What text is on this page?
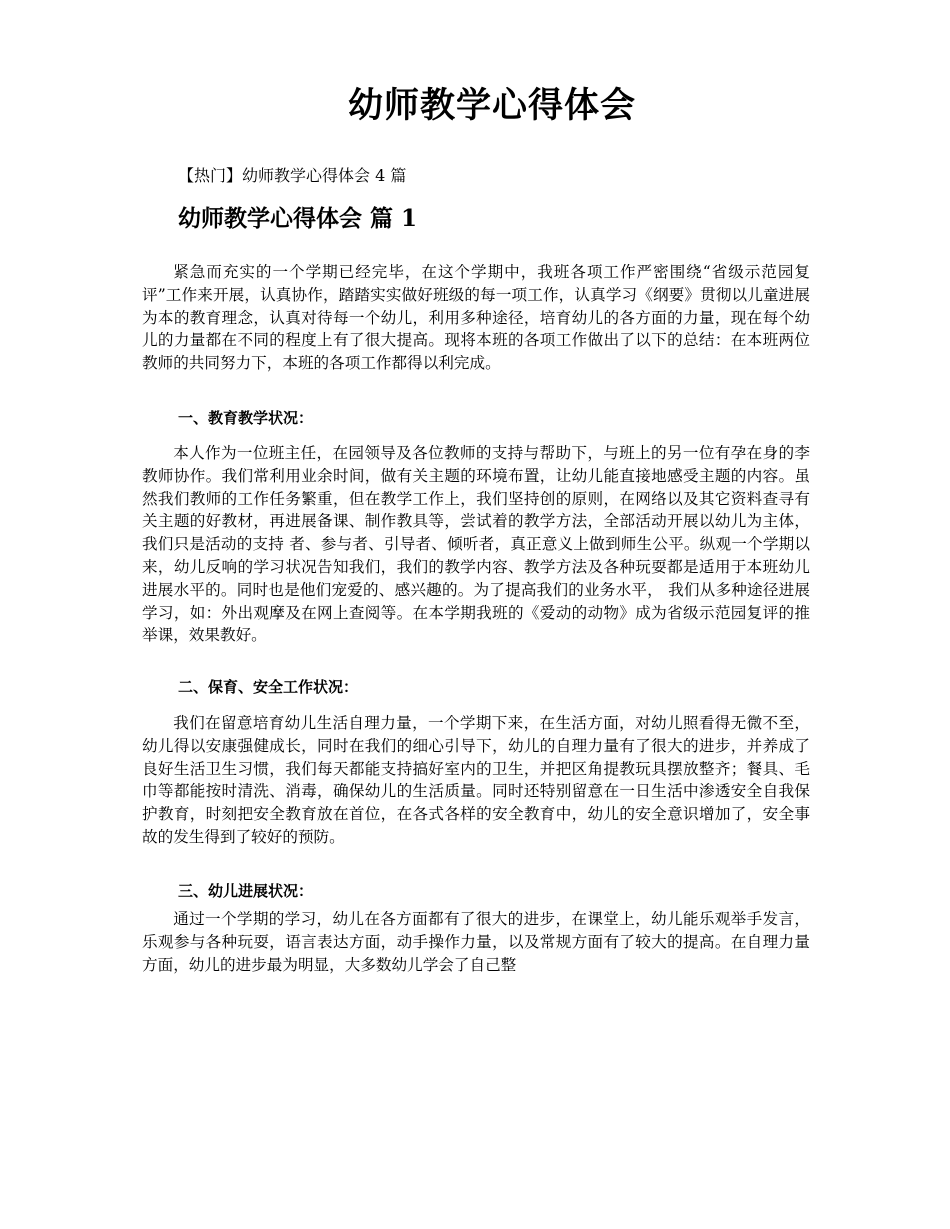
幼师教学心得体会

【热门】幼师教学心得体会 4 篇

幼师教学心得体会 篇 1

紧急而充实的一个学期已经完毕，在这个学期中，我班各项工作严密围绕“省级示范园复评”工作来开展，认真协作，踏踏实实做好班级的每一项工作，认真学习《纲要》贯彻以儿童进展为本的教育理念，认真对待每一个幼儿，利用多种途径，培育幼儿的各方面的力量，现在每个幼儿的力量都在不同的程度上有了很大提高。现将本班的各项工作做出了以下的总结：在本班两位教师的共同努力下，本班的各项工作都得以利完成。

一、教育教学状况：

本人作为一位班主任，在园领导及各位教师的支持与帮助下，与班上的另一位有孕在身的李教师协作。我们常利用业余时间，做有关主题的环境布置，让幼儿能直接地感受主题的内容。虽然我们教师的工作任务繁重，但在教学工作上，我们坚持创的原则，在网络以及其它资料查寻有关主题的好教材，再进展备课、制作教具等，尝试着的教学方法，全部活动开展以幼儿为主体，我们只是活动的支持 者、参与者、引导者、倾听者，真正意义上做到师生公平。纵观一个学期以来，幼儿反响的学习状况告知我们，我们的教学内容、教学方法及各种玩耍都是适用于本班幼儿进展水平的。同时也是他们宠爱的、感兴趣的。为了提高我们的业务水平， 我们从多种途径进展学习，如：外出观摩及在网上查阅等。在本学期我班的《爱动的动物》成为省级示范园复评的推举课，效果教好。

二、保育、安全工作状况：

我们在留意培育幼儿生活自理力量，一个学期下来，在生活方面，对幼儿照看得无微不至，幼儿得以安康强健成长，同时在我们的细心引导下，幼儿的自理力量有了很大的进步，并养成了良好生活卫生习惯，我们每天都能支持搞好室内的卫生，并把区角提教玩具摆放整齐；餐具、毛巾等都能按时清洗、消毒，确保幼儿的生活质量。同时还特别留意在一日生活中渗透安全自我保护教育，时刻把安全教育放在首位，在各式各样的安全教育中，幼儿的安全意识增加了，安全事故的发生得到了较好的预防。

三、幼儿进展状况：

通过一个学期的学习，幼儿在各方面都有了很大的进步，在课堂上，幼儿能乐观举手发言，乐观参与各种玩耍，语言表达方面，动手操作力量，以及常规方面有了较大的提高。在自理力量方面，幼儿的进步最为明显，大多数幼儿学会了自己整
